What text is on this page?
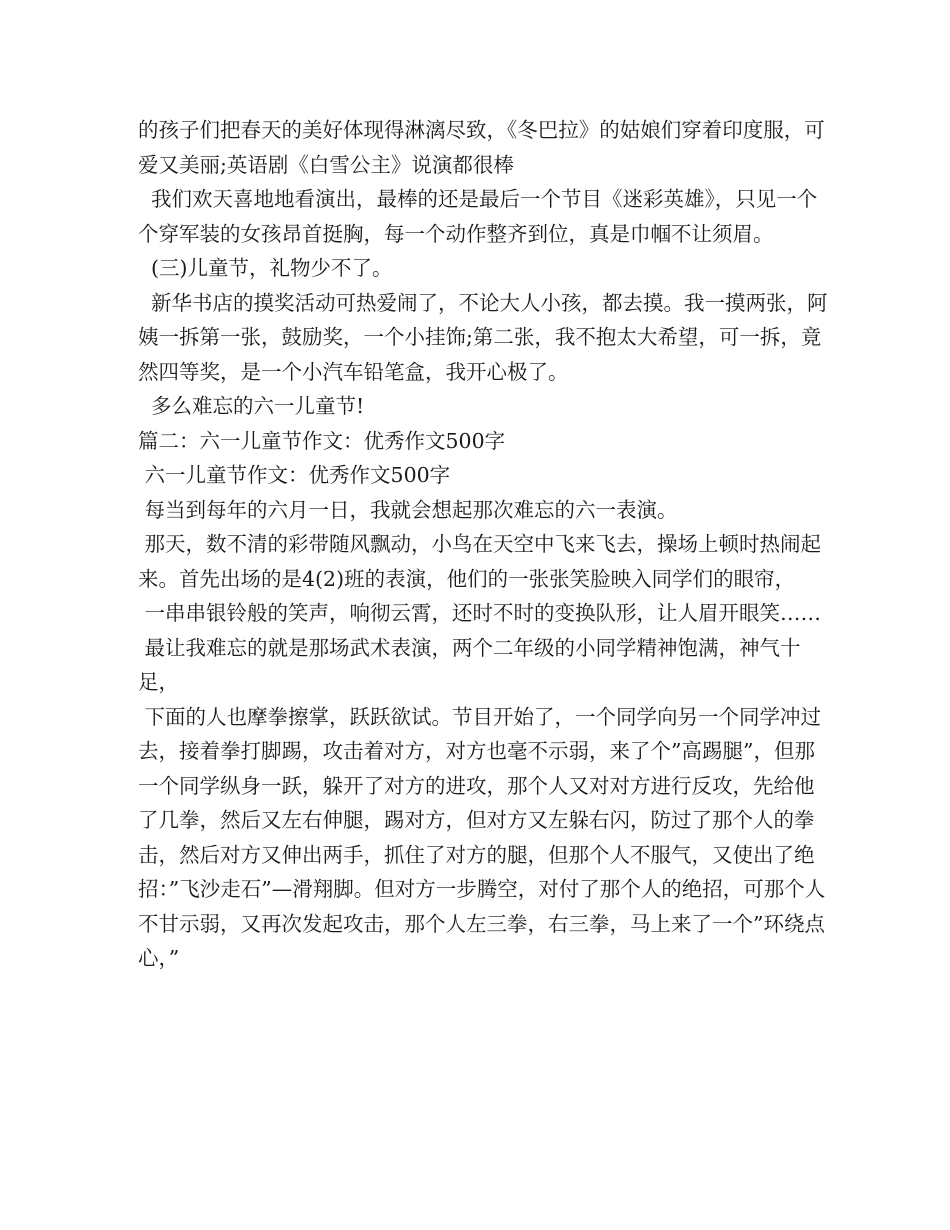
的孩子们把春天的美好体现得淋漓尽致，《冬巴拉》的姑娘们穿着印度服，可爱又美丽;英语剧《白雪公主》说演都很棒

我们欢天喜地地看演出，最棒的还是最后一个节目《迷彩英雄》，只见一个个穿军装的女孩昂首挺胸，每一个动作整齐到位，真是巾帼不让须眉。

(三)儿童节，礼物少不了。

新华书店的摸奖活动可热爱闹了，不论大人小孩，都去摸。我一摸两张，阿姨一拆第一张，鼓励奖，一个小挂饰;第二张，我不抱太大希望，可一拆，竟然四等奖，是一个小汽车铅笔盒，我开心极了。

多么难忘的六一儿童节!

篇二：六一儿童节作文：优秀作文500字

六一儿童节作文：优秀作文500字

每当到每年的六月一日，我就会想起那次难忘的六一表演。

那天，数不清的彩带随风飘动，小鸟在天空中飞来飞去，操场上顿时热闹起来。首先出场的是4(2)班的表演，他们的一张张笑脸映入同学们的眼帘，

一串串银铃般的笑声，响彻云霄，还时不时的变换队形，让人眉开眼笑……

最让我难忘的就是那场武术表演，两个二年级的小同学精神饱满，神气十足，

下面的人也摩拳擦掌，跃跃欲试。节目开始了，一个同学向另一个同学冲过去，接着拳打脚踢，攻击着对方，对方也毫不示弱，来了个”高踢腿”，但那一个同学纵身一跃，躲开了对方的进攻，那个人又对对方进行反攻，先给他了几拳，然后又左右伸腿，踢对方，但对方又左躲右闪，防过了那个人的拳击，然后对方又伸出两手，抓住了对方的腿，但那个人不服气，又使出了绝招：”飞沙走石”—滑翔脚。但对方一步腾空，对付了那个人的绝招，可那个人不甘示弱，又再次发起攻击，那个人左三拳，右三拳，马上来了一个”环绕点心，”
